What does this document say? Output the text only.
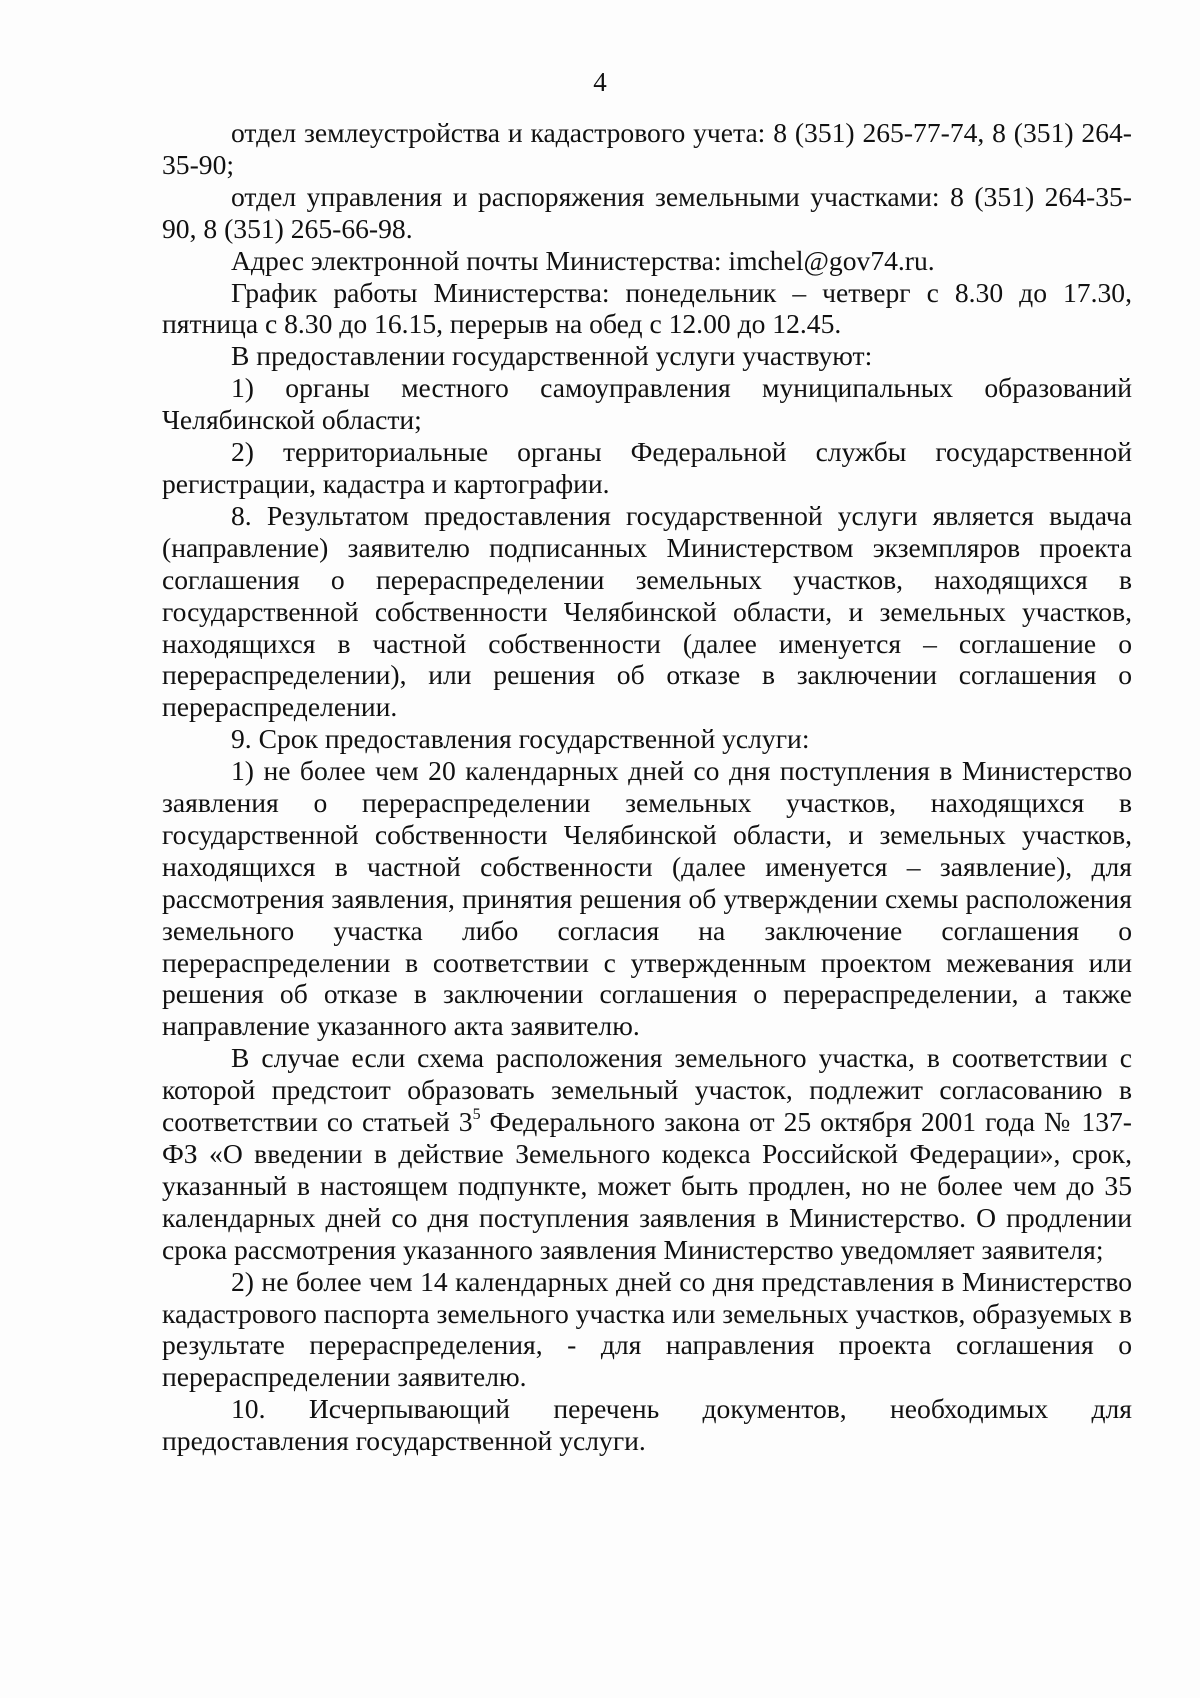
4

отдел землеустройства и кадастрового учета: 8 (351) 265-77-74, 8 (351) 264-35-90;

отдел управления и распоряжения земельными участками: 8 (351) 264-35-90, 8 (351) 265-66-98.

Адрес электронной почты Министерства: imchel@gov74.ru.

График работы Министерства: понедельник – четверг с 8.30 до 17.30, пятница с 8.30 до 16.15, перерыв на обед с 12.00 до 12.45.

В предоставлении государственной услуги участвуют:

1) органы местного самоуправления муниципальных образований Челябинской области;

2) территориальные органы Федеральной службы государственной регистрации, кадастра и картографии.

8. Результатом предоставления государственной услуги является выдача (направление) заявителю подписанных Министерством экземпляров проекта соглашения о перераспределении земельных участков, находящихся в государственной собственности Челябинской области, и земельных участков, находящихся в частной собственности (далее именуется – соглашение о перераспределении), или решения об отказе в заключении соглашения о перераспределении.

9. Срок предоставления государственной услуги:

1) не более чем 20 календарных дней со дня поступления в Министерство заявления о перераспределении земельных участков, находящихся в государственной собственности Челябинской области, и земельных участков, находящихся в частной собственности (далее именуется – заявление), для рассмотрения заявления, принятия решения об утверждении схемы расположения земельного участка либо согласия на заключение соглашения о перераспределении в соответствии с утвержденным проектом межевания или решения об отказе в заключении соглашения о перераспределении, а также направление указанного акта заявителю.

В случае если схема расположения земельного участка, в соответствии с которой предстоит образовать земельный участок, подлежит согласованию в соответствии со статьей $3^5$ Федерального закона от 25 октября 2001 года № 137-ФЗ «О введении в действие Земельного кодекса Российской Федерации», срок, указанный в настоящем подпункте, может быть продлен, но не более чем до 35 календарных дней со дня поступления заявления в Министерство. О продлении срока рассмотрения указанного заявления Министерство уведомляет заявителя;

2) не более чем 14 календарных дней со дня представления в Министерство кадастрового паспорта земельного участка или земельных участков, образуемых в результате перераспределения, - для направления проекта соглашения о перераспределении заявителю.

10. Исчерпывающий перечень документов, необходимых для предоставления государственной услуги.
